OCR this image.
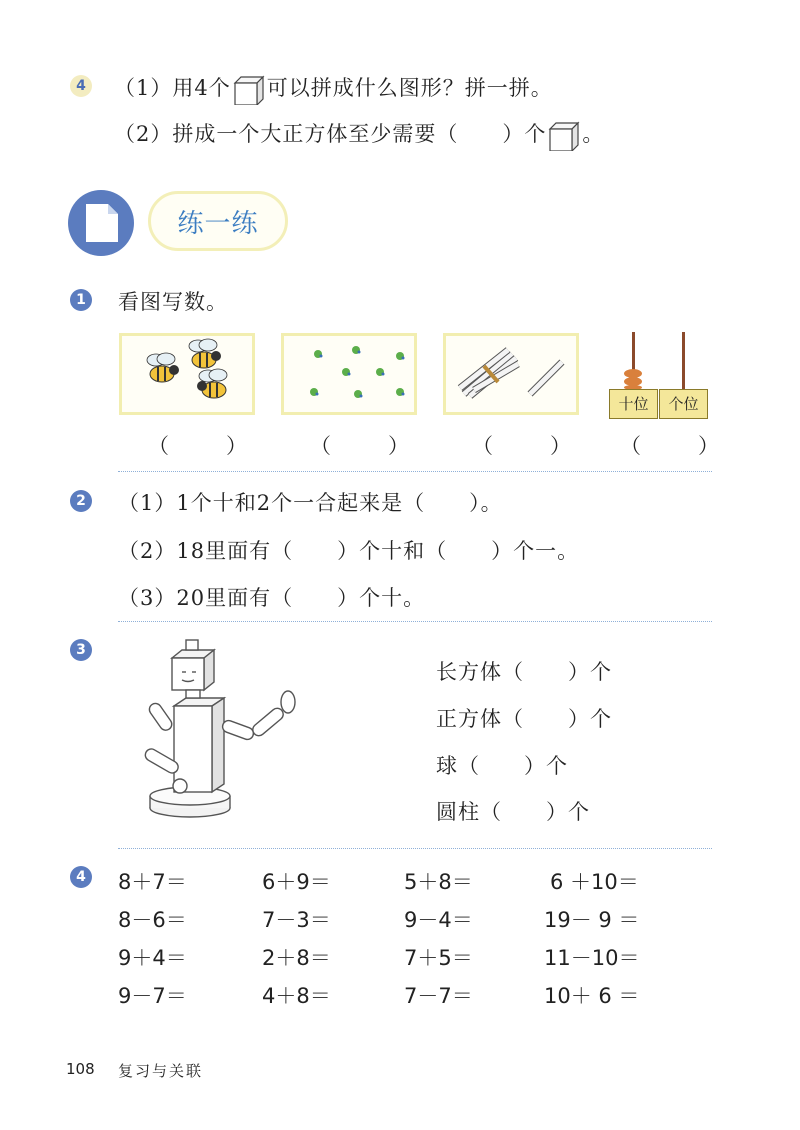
4 （1）用4个 可以拼成什么图形？拼一拼。
（2）拼成一个大正方体至少需要（　　）个 。
练一练
1 看图写数。
十位	个位
（　） （　） （　） （　）
2 （1）1个十和2个一合起来是（　　）。
（2）18里面有（　　）个十和（　　）个一。
（3）20里面有（　　）个十。
3
长方体（　　）个
正方体（　　）个
球（　　）个
圆柱（　　）个
4 8＋7＝	6＋9＝	5＋8＝	6 ＋10＝
8－6＝	7－3＝	9－4＝	19－ 9 ＝
9＋4＝	2＋8＝	7＋5＝	11－10＝
9－7＝	4＋8＝	7－7＝	10＋ 6 ＝
108 复习与关联
